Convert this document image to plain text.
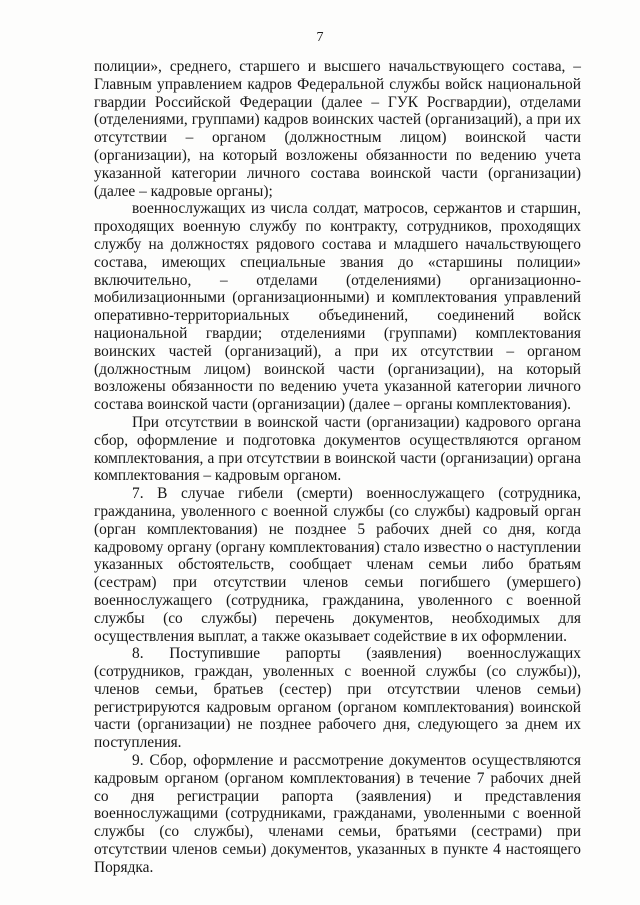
7

полиции», среднего, старшего и высшего начальствующего состава, – Главным управлением кадров Федеральной службы войск национальной гвардии Российской Федерации (далее – ГУК Росгвардии), отделами (отделениями, группами) кадров воинских частей (организаций), а при их отсутствии – органом (должностным лицом) воинской части (организации), на который возложены обязанности по ведению учета указанной категории личного состава воинской части (организации) (далее – кадровые органы);

военнослужащих из числа солдат, матросов, сержантов и старшин, проходящих военную службу по контракту, сотрудников, проходящих службу на должностях рядового состава и младшего начальствующего состава, имеющих специальные звания до «старшины полиции» включительно, – отделами (отделениями) организационно-мобилизационными (организационными) и комплектования управлений оперативно-территориальных объединений, соединений войск национальной гвардии; отделениями (группами) комплектования воинских частей (организаций), а при их отсутствии – органом (должностным лицом) воинской части (организации), на который возложены обязанности по ведению учета указанной категории личного состава воинской части (организации) (далее – органы комплектования).

При отсутствии в воинской части (организации) кадрового органа сбор, оформление и подготовка документов осуществляются органом комплектования, а при отсутствии в воинской части (организации) органа комплектования – кадровым органом.

7. В случае гибели (смерти) военнослужащего (сотрудника, гражданина, уволенного с военной службы (со службы) кадровый орган (орган комплектования) не позднее 5 рабочих дней со дня, когда кадровому органу (органу комплектования) стало известно о наступлении указанных обстоятельств, сообщает членам семьи либо братьям (сестрам) при отсутствии членов семьи погибшего (умершего) военнослужащего (сотрудника, гражданина, уволенного с военной службы (со службы) перечень документов, необходимых для осуществления выплат, а также оказывает содействие в их оформлении.

8. Поступившие рапорты (заявления) военнослужащих (сотрудников, граждан, уволенных с военной службы (со службы)), членов семьи, братьев (сестер) при отсутствии членов семьи) регистрируются кадровым органом (органом комплектования) воинской части (организации) не позднее рабочего дня, следующего за днем их поступления.

9. Сбор, оформление и рассмотрение документов осуществляются кадровым органом (органом комплектования) в течение 7 рабочих дней со дня регистрации рапорта (заявления) и представления военнослужащими (сотрудниками, гражданами, уволенными с военной службы (со службы), членами семьи, братьями (сестрами) при отсутствии членов семьи) документов, указанных в пункте 4 настоящего Порядка.
